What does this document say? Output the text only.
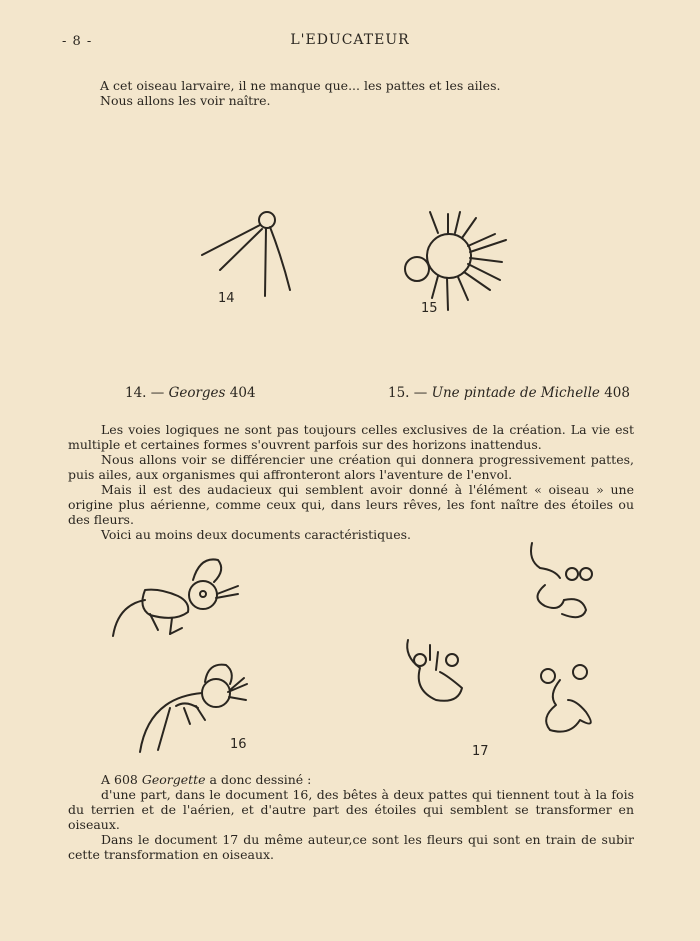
- 8 -	L'EDUCATEUR
A cet oiseau larvaire, il ne manque que... les pattes et les ailes.
Nous allons les voir naître.
14
15
16	17
14. — Georges 404	15. — Une pintade de Michelle 408

Les voies logiques ne sont pas toujours celles exclusives de la création. La vie est multiple et certaines formes s'ouvrent parfois sur des horizons inattendus.

Nous allons voir se différencier une création qui donnera progressivement pattes, puis ailes, aux organismes qui affronteront alors l'aventure de l'envol.

Mais il est des audacieux qui semblent avoir donné à l'élément « oiseau » une origine plus aérienne, comme ceux qui, dans leurs rêves, les font naître des étoiles ou des fleurs.

Voici au moins deux documents caractéristiques.

A 608 Georgette a donc dessiné :

d'une part, dans le document 16, des bêtes à deux pattes qui tiennent tout à la fois du terrien et de l'aérien, et d'autre part des étoiles qui semblent se transformer en oiseaux.

Dans le document 17 du même auteur,ce sont les fleurs qui sont en train de subir cette transformation en oiseaux.
